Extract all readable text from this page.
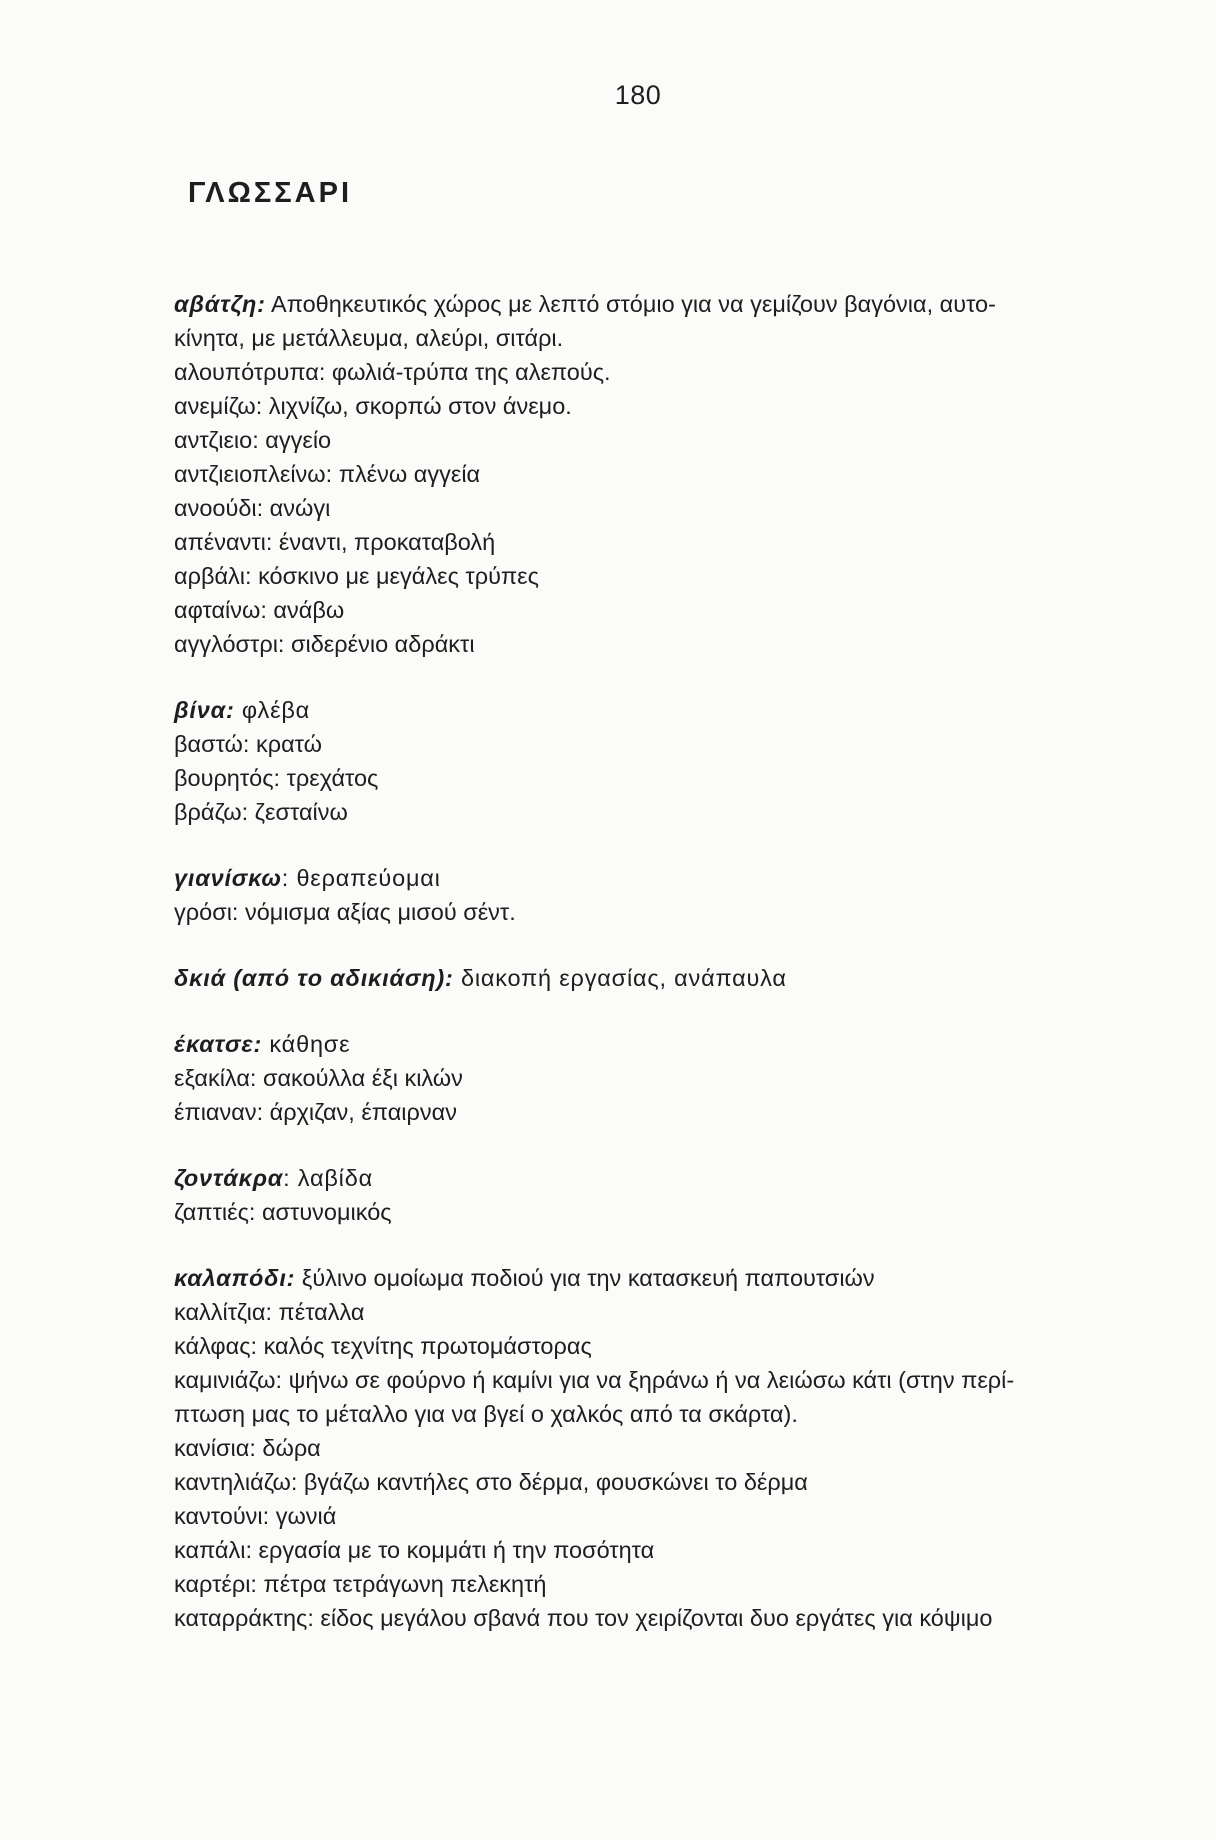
180
ΓΛΩΣΣΑΡΙ
αβάτζη: Αποθηκευτικός χώρος με λεπτό στόμιο για να γεμίζουν βαγόνια, αυτο-
κίνητα, με μετάλλευμα, αλεύρι, σιτάρι.
αλουπότρυπα: φωλιά-τρύπα της αλεπούς.
ανεμίζω: λιχνίζω, σκορπώ στον άνεμο.
αντζιειο: αγγείο
αντζιειοπλείνω: πλένω αγγεία
ανοούδι: ανώγι
απέναντι: έναντι, προκαταβολή
αρβάλι: κόσκινο με μεγάλες τρύπες
αφταίνω: ανάβω
αγγλόστρι: σιδερένιο αδράκτι
βίνα: φλέβα
βαστώ: κρατώ
βουρητός: τρεχάτος
βράζω: ζεσταίνω
γιανίσκω: θεραπεύομαι
γρόσι: νόμισμα αξίας μισού σέντ.
δκιά (από το αδικιάση): διακοπή εργασίας, ανάπαυλα
έκατσε: κάθησε
εξακίλα: σακούλλα έξι κιλών
έπιαναν: άρχιζαν, έπαιρναν
ζοντάκρα: λαβίδα
ζαπτιές: αστυνομικός
καλαπόδι: ξύλινο ομοίωμα ποδιού για την κατασκευή παπουτσιών
καλλίτζια: πέταλλα
κάλφας: καλός τεχνίτης πρωτομάστορας
καμινιάζω: ψήνω σε φούρνο ή καμίνι για να ξηράνω ή να λειώσω κάτι (στην περί-
πτωση μας το μέταλλο για να βγεί ο χαλκός από τα σκάρτα).
κανίσια: δώρα
καντηλιάζω: βγάζω καντήλες στο δέρμα, φουσκώνει το δέρμα
καντούνι: γωνιά
καπάλι: εργασία με το κομμάτι ή την ποσότητα
καρτέρι: πέτρα τετράγωνη πελεκητή
καταρράκτης: είδος μεγάλου σβανά που τον χειρίζονται δυο εργάτες για κόψιμο
